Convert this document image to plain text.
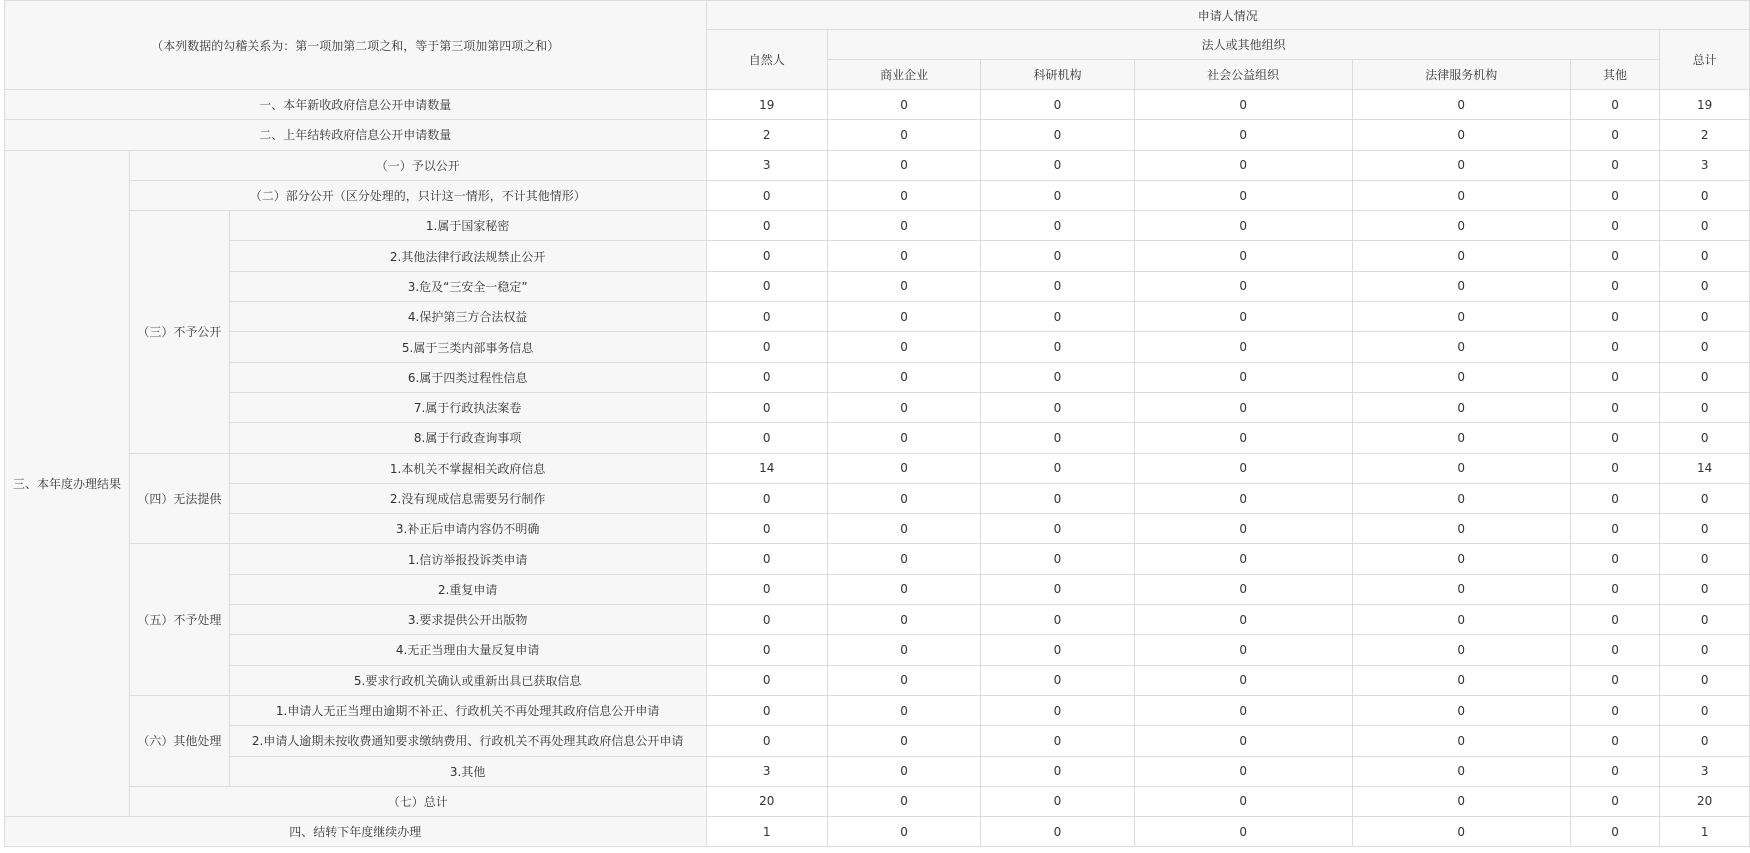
（本列数据的勾稽关系为：第一项加第二项之和，等于第三项加第四项之和）			申请人情况						
			自然人	法人或其他组织					总计
				商业企业	科研机构	社会公益组织	法律服务机构	其他	
一、本年新收政府信息公开申请数量			19	0	0	0	0	0	19
二、上年结转政府信息公开申请数量			2	0	0	0	0	0	2
三、本年度办理结果	（一）予以公开		3	0	0	0	0	0	3
	（二）部分公开（区分处理的，只计这一情形，不计其他情形）		0	0	0	0	0	0	0
	（三）不予公开	1.属于国家秘密	0	0	0	0	0	0	0
		2.其他法律行政法规禁止公开	0	0	0	0	0	0	0
		3.危及“三安全一稳定”	0	0	0	0	0	0	0
		4.保护第三方合法权益	0	0	0	0	0	0	0
		5.属于三类内部事务信息	0	0	0	0	0	0	0
		6.属于四类过程性信息	0	0	0	0	0	0	0
		7.属于行政执法案卷	0	0	0	0	0	0	0
		8.属于行政查询事项	0	0	0	0	0	0	0
	（四）无法提供	1.本机关不掌握相关政府信息	14	0	0	0	0	0	14
		2.没有现成信息需要另行制作	0	0	0	0	0	0	0
		3.补正后申请内容仍不明确	0	0	0	0	0	0	0
	（五）不予处理	1.信访举报投诉类申请	0	0	0	0	0	0	0
		2.重复申请	0	0	0	0	0	0	0
		3.要求提供公开出版物	0	0	0	0	0	0	0
		4.无正当理由大量反复申请	0	0	0	0	0	0	0
		5.要求行政机关确认或重新出具已获取信息	0	0	0	0	0	0	0
	（六）其他处理	1.申请人无正当理由逾期不补正、行政机关不再处理其政府信息公开申请	0	0	0	0	0	0	0
		2.申请人逾期未按收费通知要求缴纳费用、行政机关不再处理其政府信息公开申请	0	0	0	0	0	0	0
		3.其他	3	0	0	0	0	0	3
	（七）总计		20	0	0	0	0	0	20
四、结转下年度继续办理			1	0	0	0	0	0	1
